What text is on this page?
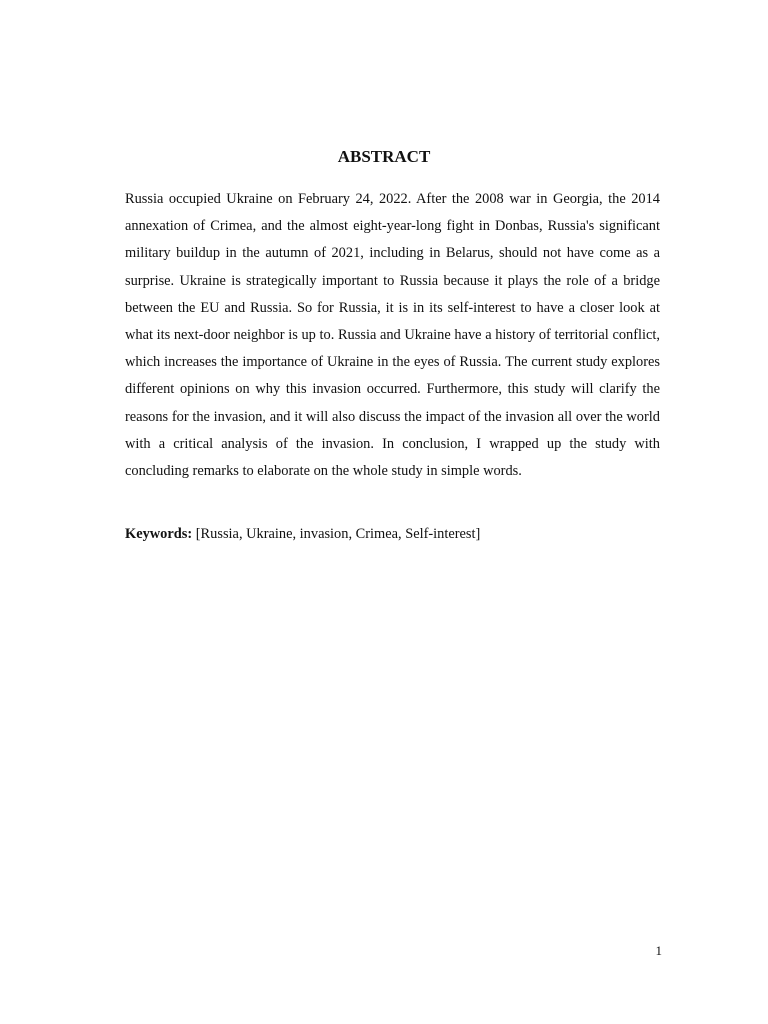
ABSTRACT

Russia occupied Ukraine on February 24, 2022. After the 2008 war in Georgia, the 2014 annexation of Crimea, and the almost eight-year-long fight in Donbas, Russia's significant military buildup in the autumn of 2021, including in Belarus, should not have come as a surprise. Ukraine is strategically important to Russia because it plays the role of a bridge between the EU and Russia. So for Russia, it is in its self-interest to have a closer look at what its next-door neighbor is up to. Russia and Ukraine have a history of territorial conflict, which increases the importance of Ukraine in the eyes of Russia. The current study explores different opinions on why this invasion occurred. Furthermore, this study will clarify the reasons for the invasion, and it will also discuss the impact of the invasion all over the world with a critical analysis of the invasion. In conclusion, I wrapped up the study with concluding remarks to elaborate on the whole study in simple words.

Keywords: [Russia, Ukraine, invasion, Crimea, Self-interest]

1
